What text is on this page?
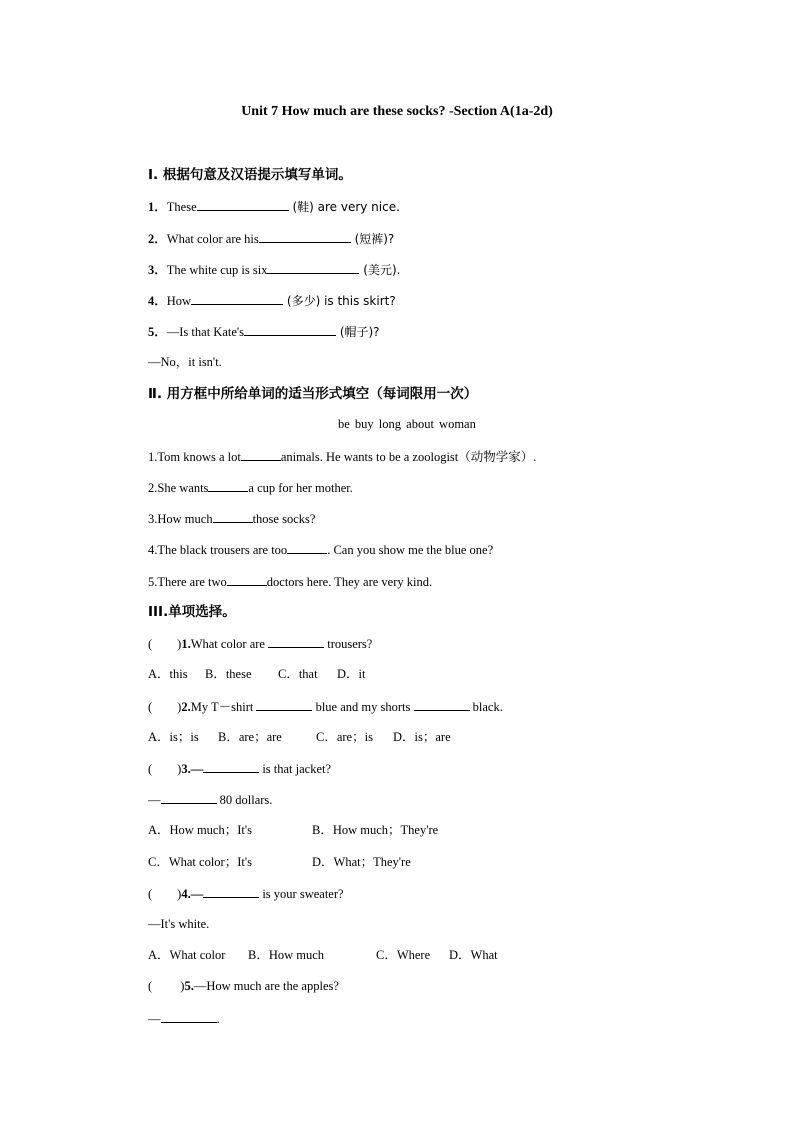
Unit 7 How much are these socks? -Section A(1a-2d)
Ⅰ. 根据句意及汉语提示填写单词。
1．These	(鞋) are very nice.
2．What color are his	(短裤)?
3．The white cup is six	(美元).
4．How	(多少) is this skirt?
5．—Is that Kate's	(帽子)?
—No，it isn't.
Ⅱ. 用方框中所给单词的适当形式填空（每词限用一次）
be buy long about woman
1.Tom knows a lot	animals. He wants to be a zoologist（动物学家）.
2.She wants	a cup for her mother.
3.How much	those socks?
4.The black trousers are too	. Can you show me the blue one?
5.There are two	doctors here. They are very kind.
III.单项选择。
(        )1.What color are	trousers?
A．this B．these C．that D．it
(        )2.My T－shirt	blue and my shorts	black.
A．is；is B．are；are	C．are；is D．is；are
(        )3.—	is that jacket?
—	80 dollars.
A．How much；It's	B．How much；They're
C．What color；It's	D．What；They're
(        )4.—	is your sweater?
—It's white.
A．What color B．How much	C．Where D．What
(         )5.—How much are the apples?
—	.
